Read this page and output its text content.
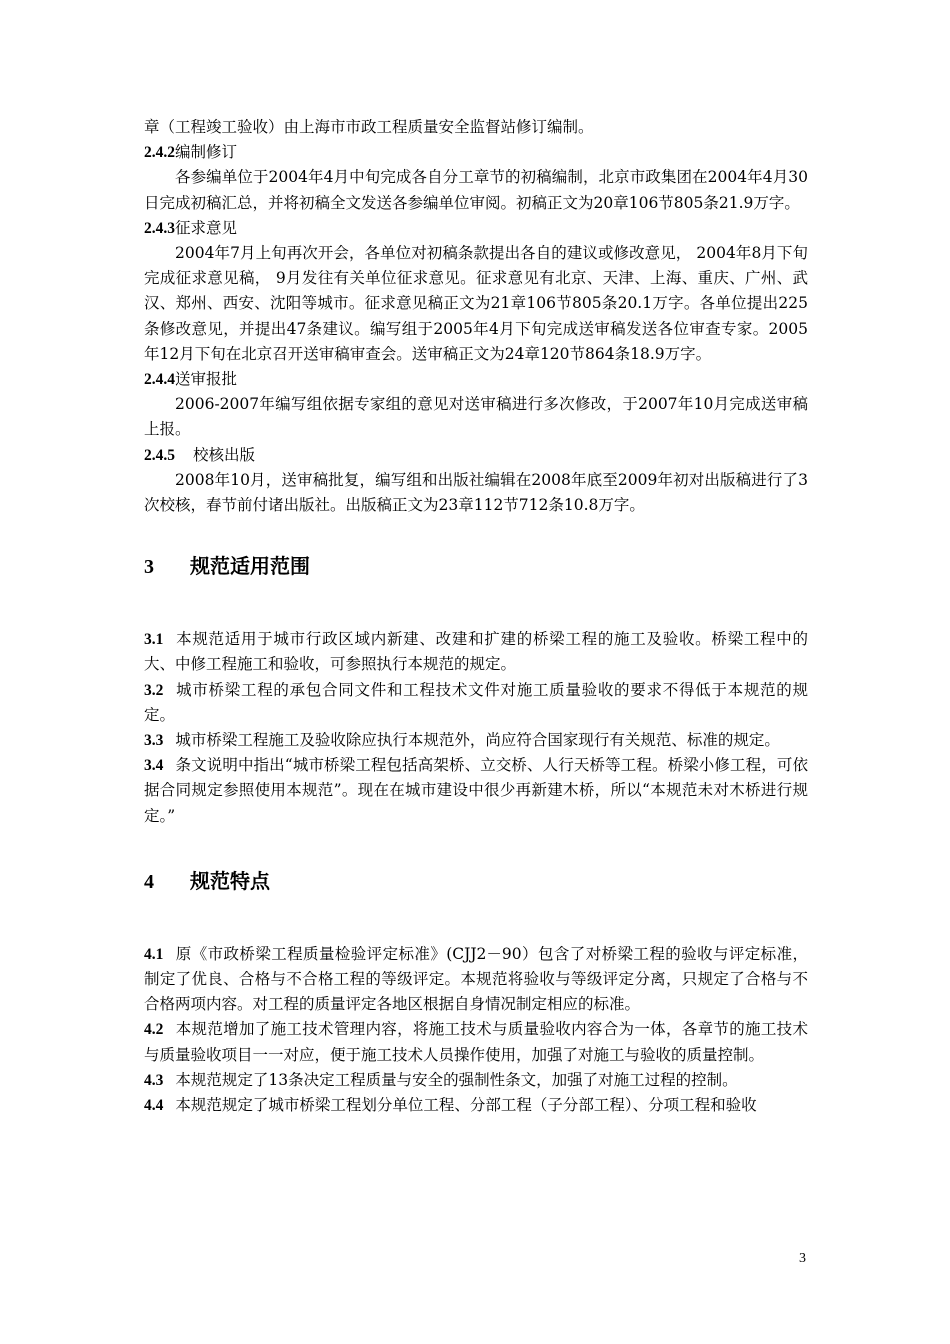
章（工程竣工验收）由上海市市政工程质量安全监督站修订编制。

2.4.2编制修订

各参编单位于2004年4月中旬完成各自分工章节的初稿编制，北京市政集团在2004年4月30日完成初稿汇总，并将初稿全文发送各参编单位审阅。初稿正文为20章106节805条21.9万字。

2.4.3征求意见

2004年7月上旬再次开会，各单位对初稿条款提出各自的建议或修改意见， 2004年8月下旬完成征求意见稿， 9月发往有关单位征求意见。征求意见有北京、天津、上海、重庆、广州、武汉、郑州、西安、沈阳等城市。征求意见稿正文为21章106节805条20.1万字。各单位提出225条修改意见，并提出47条建议。编写组于2005年4月下旬完成送审稿发送各位审查专家。2005年12月下旬在北京召开送审稿审查会。送审稿正文为24章120节864条18.9万字。

2.4.4送审报批

2006-2007年编写组依据专家组的意见对送审稿进行多次修改，于2007年10月完成送审稿上报。

2.4.5 校核出版

2008年10月，送审稿批复，编写组和出版社编辑在2008年底至2009年初对出版稿进行了3次校核，春节前付诸出版社。出版稿正文为23章112节712条10.8万字。

3 规范适用范围

3.1 本规范适用于城市行政区域内新建、改建和扩建的桥梁工程的施工及验收。桥梁工程中的大、中修工程施工和验收，可参照执行本规范的规定。

3.2 城市桥梁工程的承包合同文件和工程技术文件对施工质量验收的要求不得低于本规范的规定。

3.3 城市桥梁工程施工及验收除应执行本规范外，尚应符合国家现行有关规范、标准的规定。

3.4 条文说明中指出“城市桥梁工程包括高架桥、立交桥、人行天桥等工程。桥梁小修工程，可依据合同规定参照使用本规范”。现在在城市建设中很少再新建木桥，所以“本规范未对木桥进行规定。”

4 规范特点

4.1 原《市政桥梁工程质量检验评定标准》(CJJ2－90）包含了对桥梁工程的验收与评定标准，制定了优良、合格与不合格工程的等级评定。本规范将验收与等级评定分离，只规定了合格与不合格两项内容。对工程的质量评定各地区根据自身情况制定相应的标准。

4.2 本规范增加了施工技术管理内容，将施工技术与质量验收内容合为一体，各章节的施工技术与质量验收项目一一对应，便于施工技术人员操作使用，加强了对施工与验收的质量控制。

4.3 本规范规定了13条决定工程质量与安全的强制性条文，加强了对施工过程的控制。

4.4 本规范规定了城市桥梁工程划分单位工程、分部工程（子分部工程）、分项工程和验收

3
